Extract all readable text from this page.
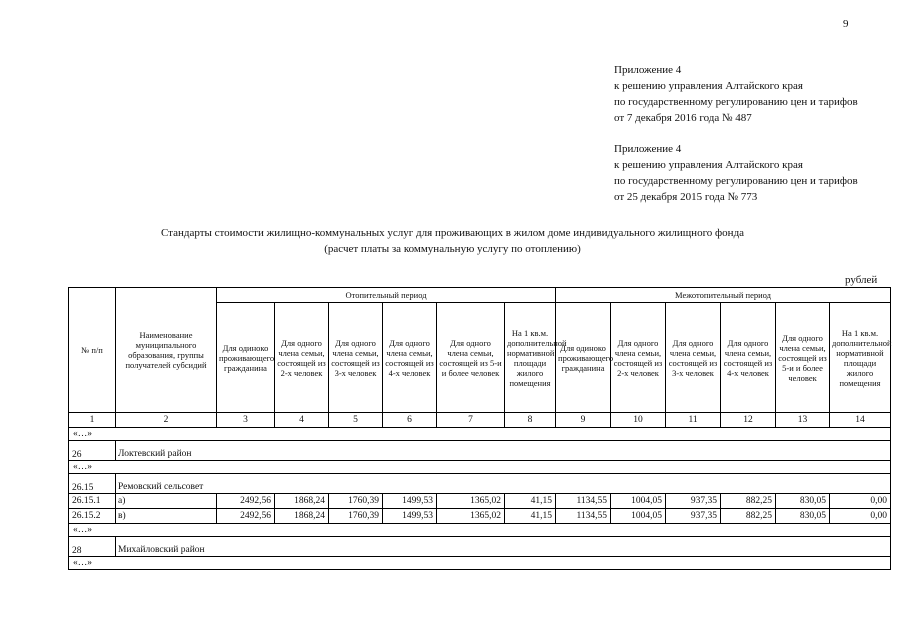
9
Приложение 4
к решению управления Алтайского края
по государственному регулированию цен и тарифов
от 7 декабря 2016 года № 487
Приложение 4
к решению управления Алтайского края
по государственному регулированию цен и тарифов
от 25 декабря 2015 года № 773
Стандарты стоимости жилищно-коммунальных услуг для проживающих в жилом доме индивидуального жилищного фонда
(расчет платы за коммунальную услугу по отоплению)
рублей
№ п/п	Наименование муниципального образования, группы получателей субсидий	Отопительный период						Межотопительный период					
		Для одиноко проживающего гражданина	Для одного члена семьи, состоящей из 2-х человек	Для одного члена семьи, состоящей из 3-х человек	Для одного члена семьи, состоящей из 4-х человек	Для одного члена семьи, состоящей из 5-и и более человек	На 1 кв.м. дополнительной нормативной площади жилого помещения	Для одиноко проживающего гражданина	Для одного члена семьи, состоящей из 2-х человек	Для одного члена семьи, состоящей из 3-х человек	Для одного члена семьи, состоящей из 4-х человек	Для одного члена семьи, состоящей из 5-и и более человек	На 1 кв.м. дополнительной нормативной площади жилого помещения
1	2	3	4	5	6	7	8	9	10	11	12	13	14
«…»													
26	Локтевский район												
«…»													
26.15	Ремовский сельсовет												
26.15.1	а)	2492,56	1868,24	1760,39	1499,53	1365,02	41,15	1134,55	1004,05	937,35	882,25	830,05	0,00
26.15.2	в)	2492,56	1868,24	1760,39	1499,53	1365,02	41,15	1134,55	1004,05	937,35	882,25	830,05	0,00
«…»													
28	Михайловский район												
«…»													
